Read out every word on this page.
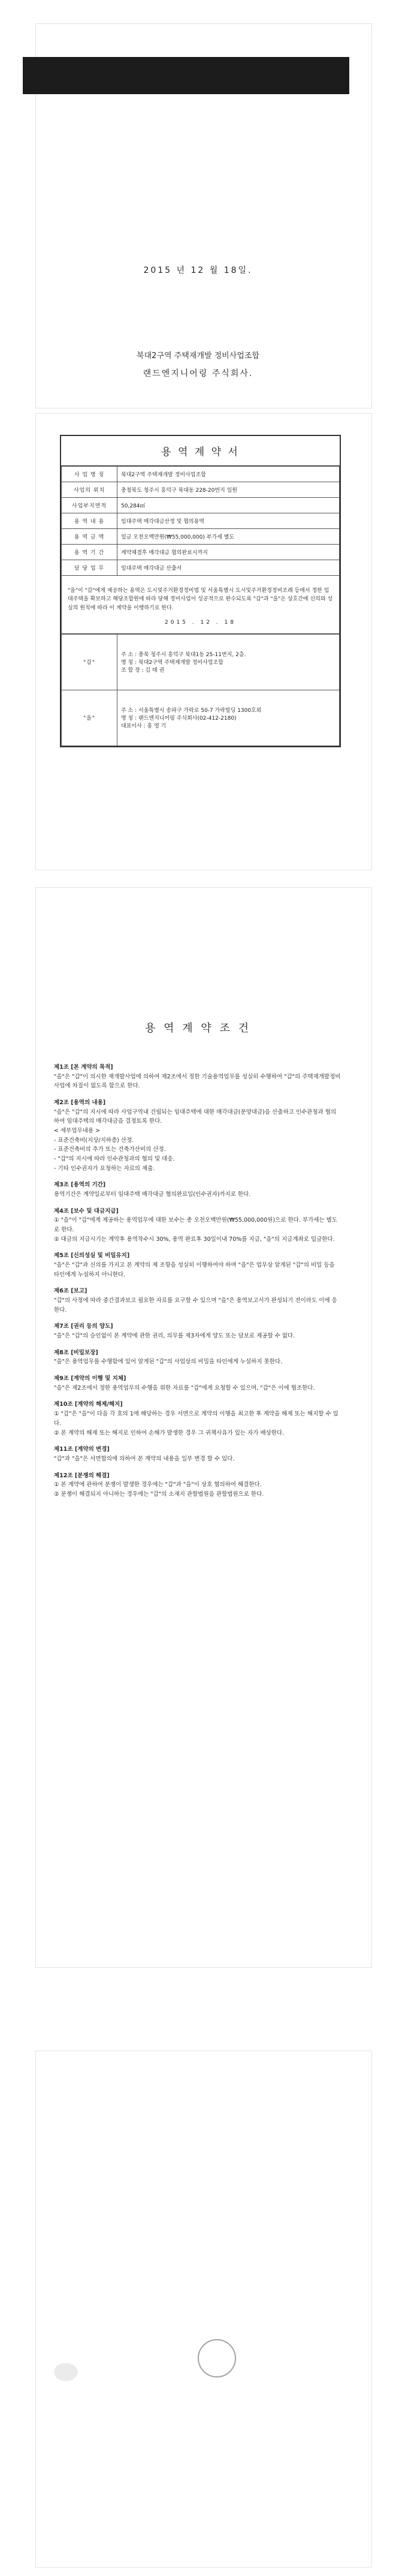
2015 년 12 월 18일.
북대2구역 주택재개발 정비사업조합
랜드엔지니어링 주식회사.
용 역 계 약 서
사 업 명 칭	북대2구역 주택재개발 정비사업조합
사업의 위치	충청북도 청주시 흥덕구 북대동 228-20번지 일원
사업부지면적	50,284㎡
용 역 내 용	임대주택 매각대금산정 및 협의용역
용 역 금 액	일금 오천오백만원(₩55,000,000) 부가세 별도
용 역 기 간	계약체결후 매각대금 협의완료시까지
담 당 업 무	임대주택 매각대금 산출서
"을"이 "갑"에게 제공하는 용역은 도시및주거환경정비법 및 서울특별시 도시및주거환경정비조례 등에서 정한 임대주택을 확보하고 해당조합원에 따라 당해 정비사업이 성공적으로 완수되도록 "갑"과 "을"은 상호간에 신의와 성실의 원칙에 따라 이 계약을 이행하기로 한다.
2015 . 12 . 18
"갑"	주 소 : 충북 청주시 흥덕구 북대1동 25-11번지, 2층.
명 칭 : 북대2구역 주택재개발 정비사업조합
조 합 장 : 김 태 권
"을"	주 소 : 서울특별시 송파구 가락로 50-7 가락빌딩 1300호외
명 칭 : 랜드엔지니어링 주식회사(02-412-2180)
대표이사 : 홍 영 기
용 역 계 약 조 건

제1조 [본 계약의 목적]

"을"은 "갑"이 의시한 재개발사업에 의하여 제2조에서 정한 기술용역업무를 성실히 수행하여 "갑"의 주택재개발정비사업에 차질이 없도록 함으로 한다.

제2조 [용역의 내용]

"을"은 "갑"의 지시에 따라 사업구역내 건립되는 임대주택에 대한 매각대금(분양대금)을 산출하고 인수관청과 협의하여 임대주택의 매각대금을 결정토록 한다.
< 세부업무내용 >
- 표준건축비(지상/지하층) 산정.
- 표준건축비의 추가 또는 건축가산비의 산정.
- "갑"의 지시에 따라 인수관청과의 협의 및 대응.
- 기타 인수권자가 요청하는 자료의 제출.

제3조 [용역의 기간]

용역기간은 계약일로부터 임대주택 매각대금 협의완료일(인수권자)까지로 한다.

제4조 [보수 및 대금지급]

① "을"이 "갑"에게 제공하는 용역업무에 대한 보수는 총 오천오백만원(₩55,000,000원)으로 한다. 부가세는 별도로 한다.
② 대금의 지급시기는 계약후 용역착수시 30%, 용역 완료후 30일이내 70%를 지급, "을"의 지급계좌로 입금한다.

제5조 [신의성실 및 비밀유지]

"을"은 "갑"과 신의를 가지고 본 계약의 제 조항을 성실히 이행하여야 하며 "을"은 업무상 알게된 "갑"의 비밀 등을 타인에게 누설하지 아니한다.

제6조 [보고]

"갑"의 사정에 따라 중간결과보고 필요한 자료를 요구할 수 있으며 "을"은 용역보고서가 완성되기 전이라도 이에 응한다.

제7조 [권리 등의 양도]

"을"은 "갑"의 승인없이 본 계약에 관한 권리, 의무를 제3자에게 양도 또는 담보로 제공할 수 없다.

제8조 [비밀보장]

"을"은 용역업무를 수행함에 있어 알게된 "갑"의 사업상의 비밀을 타인에게 누설하지 못한다.

제9조 [계약의 이행 및 지체]

"을"은 제2조에서 정한 용역업무의 수행을 위한 자료를 "갑"에게 요청할 수 있으며, "갑"은 이에 협조한다.

제10조 [계약의 해제/해지]

① "갑"은 "을"이 다음 각 호의 1에 해당하는 경우 서면으로 계약의 이행을 최고한 후 계약을 해제 또는 해지할 수 있다.
② 본 계약의 해제 또는 해지로 인하여 손해가 발생한 경우 그 귀책사유가 있는 자가 배상한다.

제11조 [계약의 변경]

"갑"과 "을"은 서면합의에 의하여 본 계약의 내용을 일부 변경 할 수 있다.

제12조 [분쟁의 해결]

① 본 계약에 관하여 분쟁이 발생한 경우에는 "갑"과 "을"이 상호 협의하여 해결한다.
② 분쟁이 해결되지 아니하는 경우에는 "갑"의 소재지 관할법원을 관할법원으로 한다.
